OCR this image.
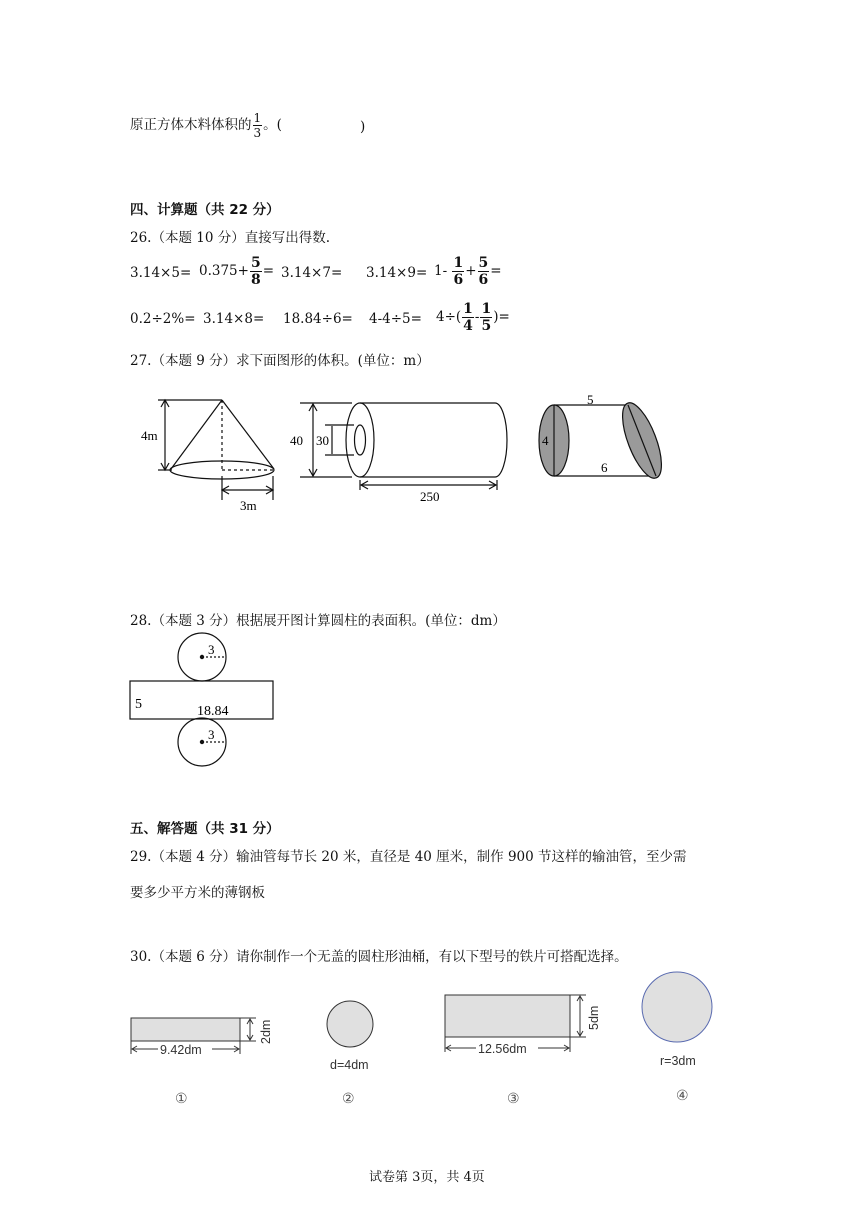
原正方体木料体积的 $\frac{1}{3}$ 。(	)
四、计算题（共 22 分）
26.（本题 10 分）直接写出得数.
$3.14\times 5= 0.375+ \frac{5}{8} = 3.14\times 7= 3.14\times 9= 1- \frac{1}{6} + \frac{5}{6}$ =
$0.2\div 2\%= 3.14\times 8= 18.84\div 6= 4-4\div 5= 4\div( \frac{1}{4} - \frac{1}{5}$ )=
27.（本题 9 分）求下面图形的体积。(单位：m）
4m
3m
40 30
250
5
4
6
28.（本题 3 分）根据展开图计算圆柱的表面积。(单位：dm）
3
3
5	18.84
五、解答题（共 31 分）
29.（本题 4 分）输油管每节长 20 米，直径是 40 厘米，制作 900 节这样的输油管，至少需
要多少平方米的薄钢板
30.（本题 6 分）请你制作一个无盖的圆柱形油桶，有以下型号的铁片可搭配选择。
9.42dm
2dm
①
d=4dm
②
12.56dm
5dm
③
r=3dm
④
试卷第 3页，共 4页
